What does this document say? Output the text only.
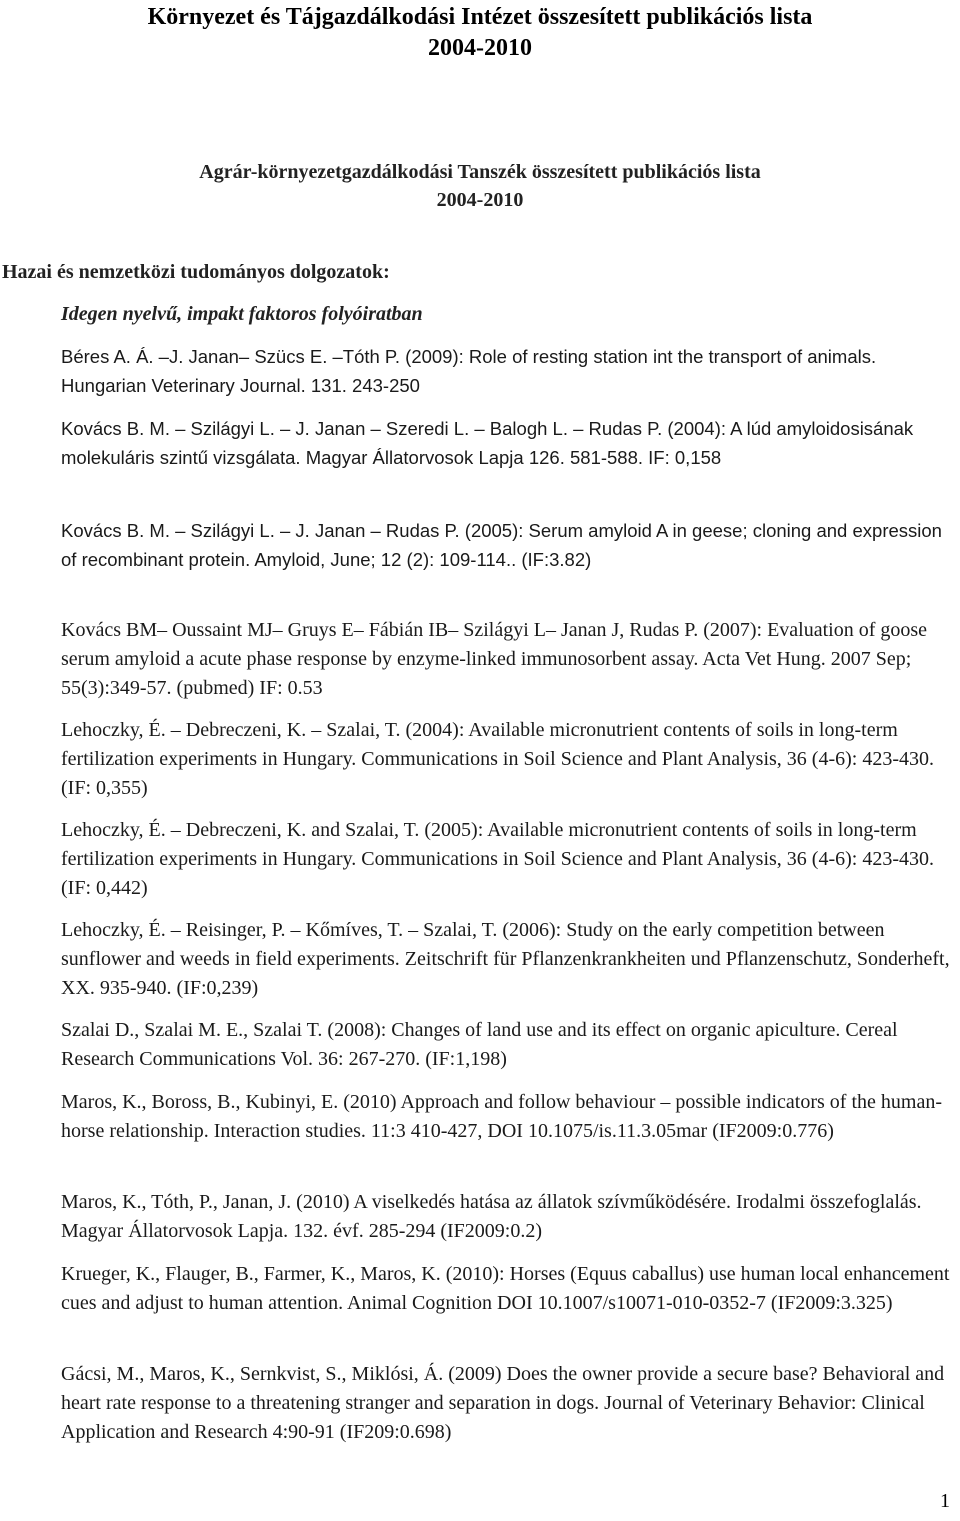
Környezet és Tájgazdálkodási Intézet összesített publikációs lista
2004-2010
Agrár-környezetgazdálkodási Tanszék összesített publikációs lista
2004-2010
Hazai és nemzetközi tudományos dolgozatok:
Idegen nyelvű, impakt faktoros folyóiratban

Béres A. Á. –J. Janan– Szücs E. –Tóth P. (2009): Role of resting station int the transport of animals. Hungarian Veterinary Journal. 131. 243-250

Kovács B. M. – Szilágyi L. – J. Janan – Szeredi L. – Balogh L. – Rudas P. (2004): A lúd amyloidosisának molekuláris szintű vizsgálata. Magyar Állatorvosok Lapja 126. 581-588. IF: 0,158

Kovács B. M. – Szilágyi L. – J. Janan – Rudas P. (2005): Serum amyloid A in geese; cloning and expression of recombinant protein. Amyloid, June; 12 (2): 109-114.. (IF:3.82)

Kovács BM– Oussaint MJ– Gruys E– Fábián IB– Szilágyi L– Janan J, Rudas P. (2007): Evaluation of goose serum amyloid a acute phase response by enzyme-linked immunosorbent assay. Acta Vet Hung. 2007 Sep; 55(3):349-57. (pubmed) IF: 0.53

Lehoczky, É. – Debreczeni, K. – Szalai, T. (2004): Available micronutrient contents of soils in long-term fertilization experiments in Hungary. Communications in Soil Science and Plant Analysis, 36 (4-6): 423-430. (IF: 0,355)

Lehoczky, É. – Debreczeni, K. and Szalai, T. (2005): Available micronutrient contents of soils in long-term fertilization experiments in Hungary. Communications in Soil Science and Plant Analysis, 36 (4-6): 423-430. (IF: 0,442)

Lehoczky, É. – Reisinger, P. – Kőmíves, T. – Szalai, T. (2006): Study on the early competition between sunflower and weeds in field experiments. Zeitschrift für Pflanzenkrankheiten und Pflanzenschutz, Sonderheft, XX. 935-940. (IF:0,239)

Szalai D., Szalai M. E., Szalai T. (2008): Changes of land use and its effect on organic apiculture. Cereal Research Communications Vol. 36: 267-270. (IF:1,198)

Maros, K., Boross, B., Kubinyi, E. (2010) Approach and follow behaviour – possible indicators of the human- horse relationship. Interaction studies. 11:3 410-427, DOI 10.1075/is.11.3.05mar (IF2009:0.776)

Maros, K., Tóth, P., Janan, J. (2010) A viselkedés hatása az állatok szívműködésére. Irodalmi összefoglalás. Magyar Állatorvosok Lapja. 132. évf. 285-294 (IF2009:0.2)

Krueger, K., Flauger, B., Farmer, K., Maros, K. (2010): Horses (Equus caballus) use human local enhancement cues and adjust to human attention. Animal Cognition DOI 10.1007/s10071-010-0352-7 (IF2009:3.325)

Gácsi, M., Maros, K., Sernkvist, S., Miklósi, Á. (2009) Does the owner provide a secure base? Behavioral and heart rate response to a threatening stranger and separation in dogs. Journal of Veterinary Behavior: Clinical Application and Research 4:90-91 (IF209:0.698)

1
